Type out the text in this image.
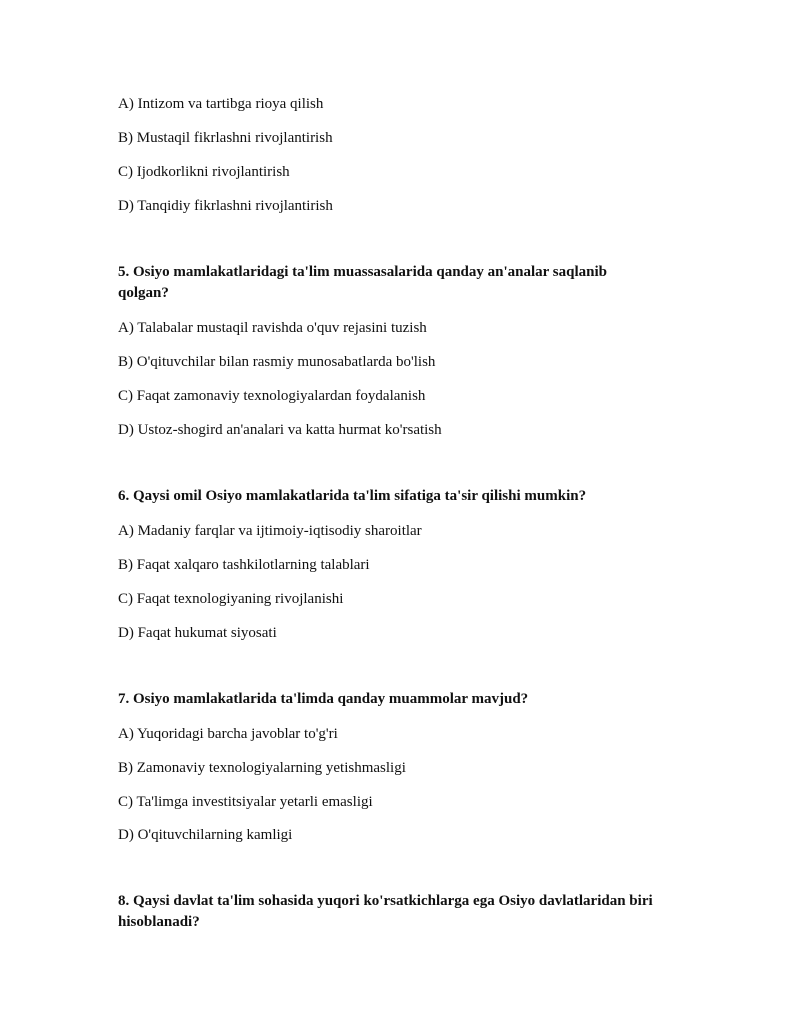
A) Intizom va tartibga rioya qilish
B) Mustaqil fikrlashni rivojlantirish
C) Ijodkorlikni rivojlantirish
D) Tanqidiy fikrlashni rivojlantirish
5. Osiyo mamlakatlaridagi ta'lim muassasalarida qanday an'analar saqlanib qolgan?
A) Talabalar mustaqil ravishda o'quv rejasini tuzish
B) O'qituvchilar bilan rasmiy munosabatlarda bo'lish
C) Faqat zamonaviy texnologiyalardan foydalanish
D) Ustoz-shogird an'analari va katta hurmat ko'rsatish
6. Qaysi omil Osiyo mamlakatlarida ta'lim sifatiga ta'sir qilishi mumkin?
A) Madaniy farqlar va ijtimoiy-iqtisodiy sharoitlar
B) Faqat xalqaro tashkilotlarning talablari
C) Faqat texnologiyaning rivojlanishi
D) Faqat hukumat siyosati
7. Osiyo mamlakatlarida ta'limda qanday muammolar mavjud?
A) Yuqoridagi barcha javoblar to'g'ri
B) Zamonaviy texnologiyalarning yetishmasligi
C) Ta'limga investitsiyalar yetarli emasligi
D) O'qituvchilarning kamligi
8. Qaysi davlat ta'lim sohasida yuqori ko'rsatkichlarga ega Osiyo davlatlaridan biri hisoblanadi?
